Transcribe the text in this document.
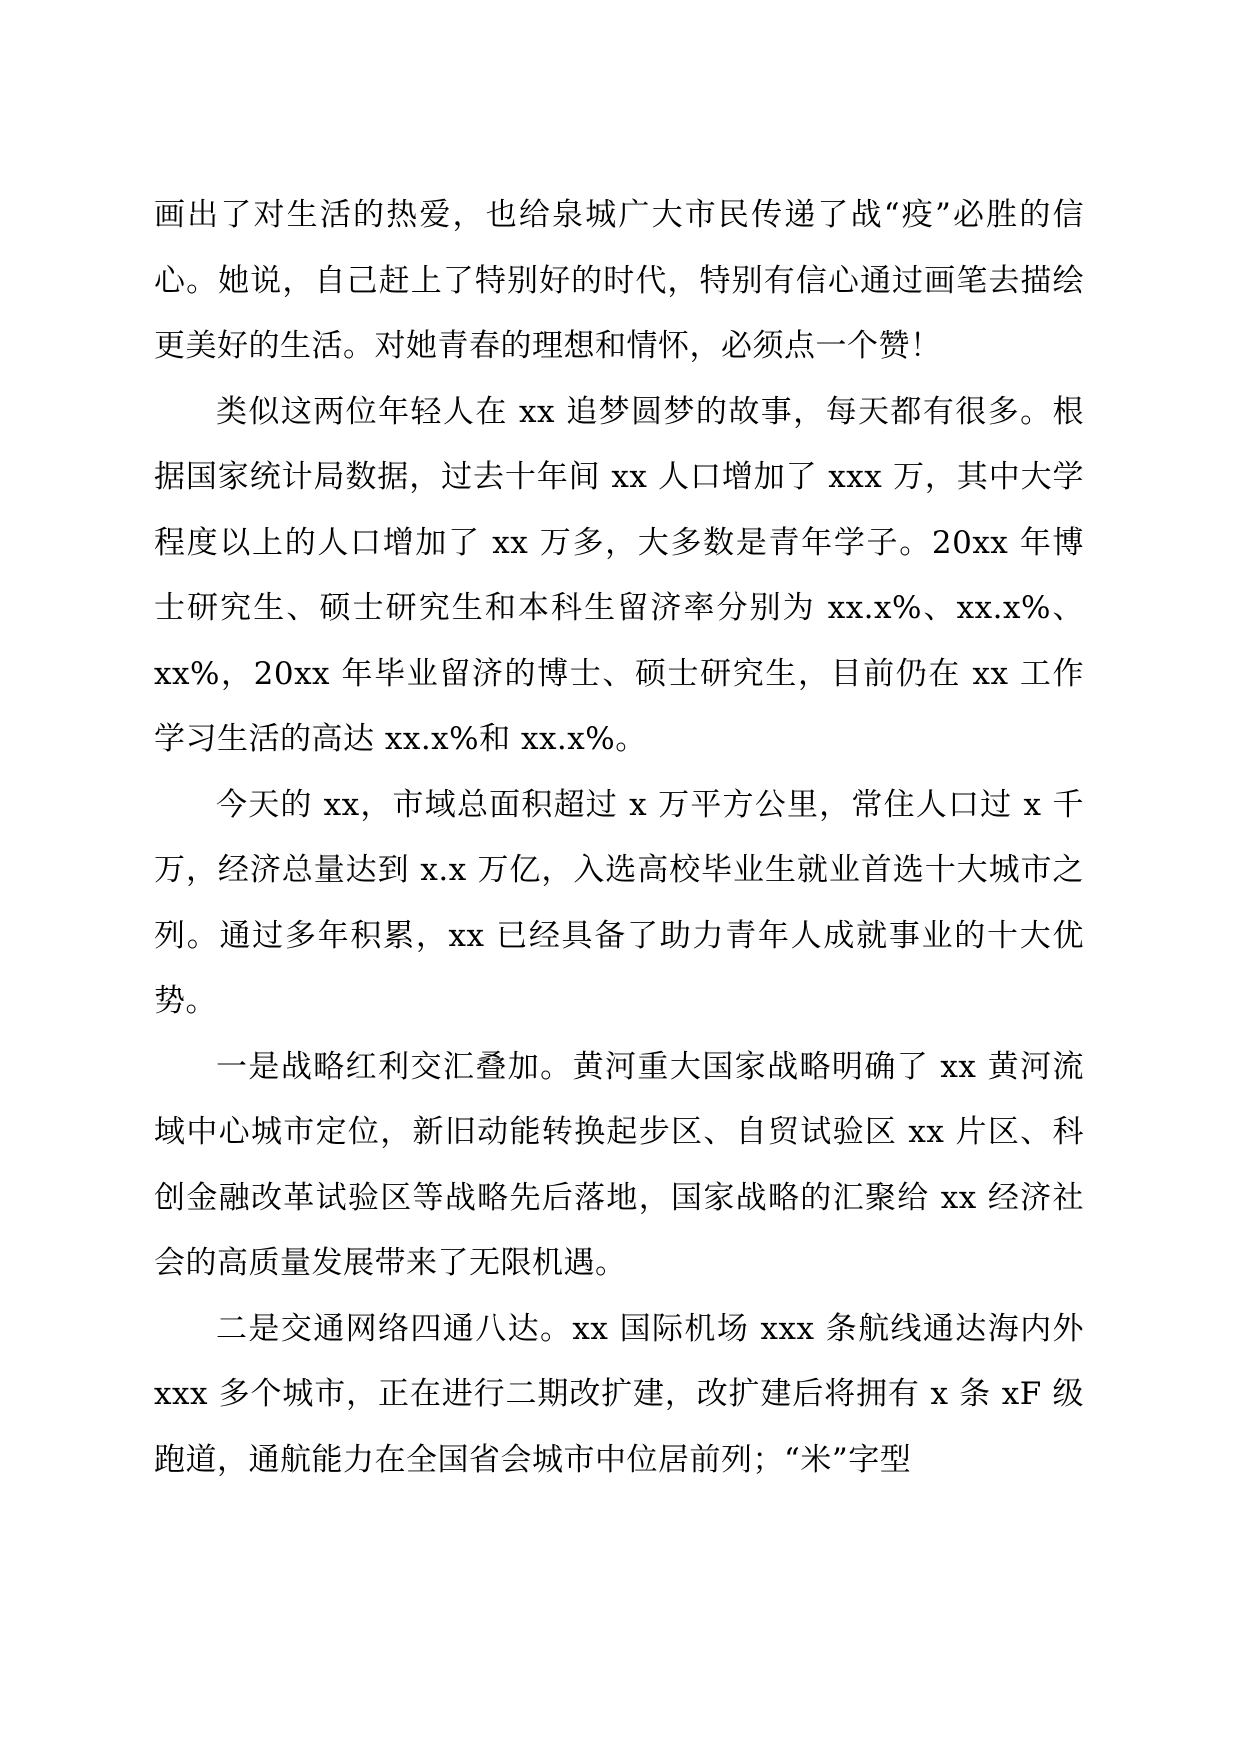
画出了对生活的热爱，也给泉城广大市民传递了战“疫”必胜的信心。她说，自己赶上了特别好的时代，特别有信心通过画笔去描绘更美好的生活。对她青春的理想和情怀，必须点一个赞！

类似这两位年轻人在 xx 追梦圆梦的故事，每天都有很多。根据国家统计局数据，过去十年间 xx 人口增加了 xxx 万，其中大学程度以上的人口增加了 xx 万多，大多数是青年学子。20xx 年博士研究生、硕士研究生和本科生留济率分别为 xx.x%、xx.x%、xx%，20xx 年毕业留济的博士、硕士研究生，目前仍在 xx 工作学习生活的高达 xx.x%和 xx.x%。

今天的 xx，市域总面积超过 x 万平方公里，常住人口过 x 千万，经济总量达到 x.x 万亿，入选高校毕业生就业首选十大城市之列。通过多年积累，xx 已经具备了助力青年人成就事业的十大优势。

一是战略红利交汇叠加。黄河重大国家战略明确了 xx 黄河流域中心城市定位，新旧动能转换起步区、自贸试验区 xx 片区、科创金融改革试验区等战略先后落地，国家战略的汇聚给 xx 经济社会的高质量发展带来了无限机遇。

二是交通网络四通八达。xx 国际机场 xxx 条航线通达海内外 xxx 多个城市，正在进行二期改扩建，改扩建后将拥有 x 条 xF 级跑道，通航能力在全国省会城市中位居前列；“米”字型
